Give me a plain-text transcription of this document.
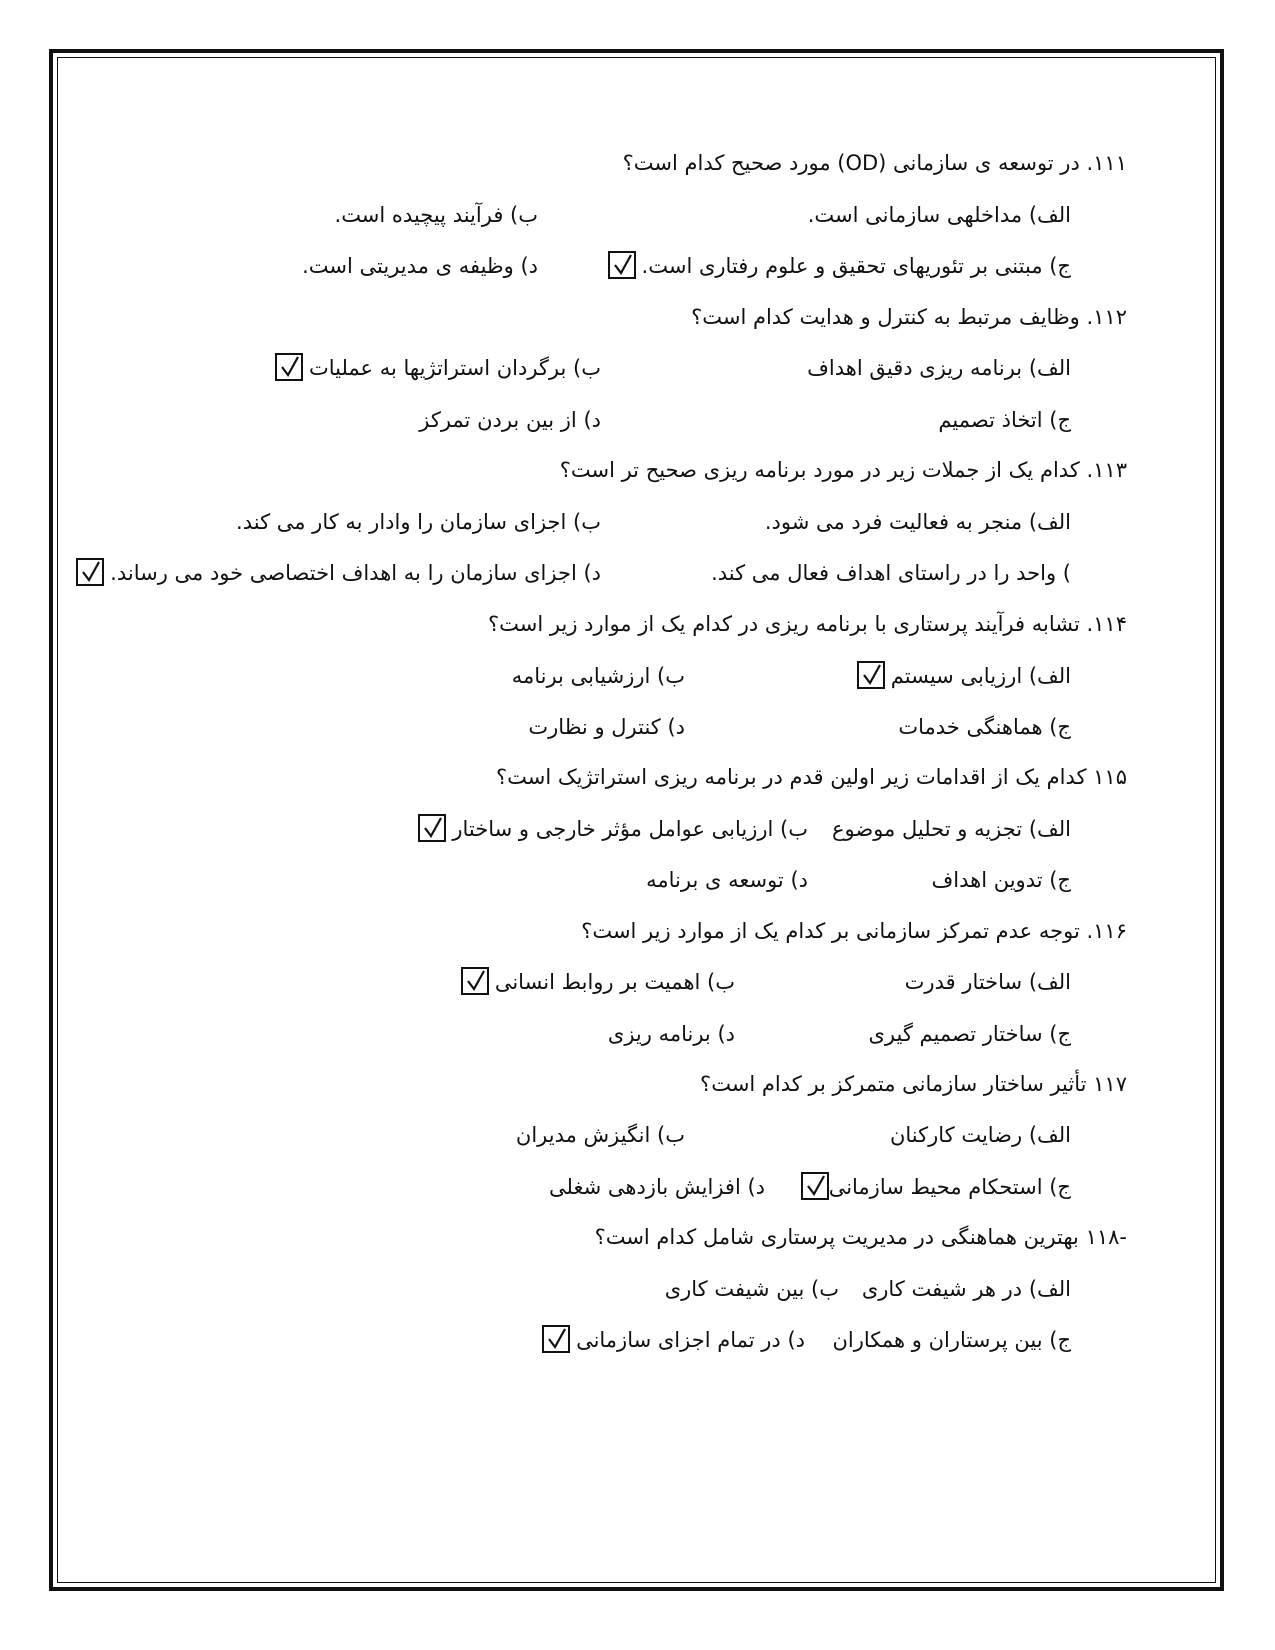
۱۱۱. در توسعه ی سازمانی (OD) مورد صحیح کدام است؟
الف) مداخلهی سازمانی است.
ب) فرآیند پیچیده است.
ج) مبتنی بر تئوریهای تحقیق و علوم رفتاری است.
د) وظیفه ی مدیریتی است.
۱۱۲. وظایف مرتبط به کنترل و هدایت کدام است؟
الف) برنامه ریزی دقیق اهداف
ب) برگردان استراتژیها به عملیات
ج) اتخاذ تصمیم
د) از بین بردن تمرکز
۱۱۳. کدام یک از جملات زیر در مورد برنامه ریزی صحیح تر است؟
الف) منجر به فعالیت فرد می شود.
ب) اجزای سازمان را وادار به کار می کند.
) واحد را در راستای اهداف فعال می کند.
د) اجزای سازمان را به اهداف اختصاصی خود می رساند.
۱۱۴. تشابه فرآیند پرستاری با برنامه ریزی در کدام یک از موارد زیر است؟
الف) ارزیابی سیستم
ب) ارزشیابی برنامه
ج) هماهنگی خدمات
د) کنترل و نظارت
۱۱۵ کدام یک از اقدامات زیر اولین قدم در برنامه ریزی استراتژیک است؟
الف) تجزیه و تحلیل موضوع
ب) ارزیابی عوامل مؤثر خارجی و ساختار
ج) تدوین اهداف
د) توسعه ی برنامه
۱۱۶. توجه عدم تمرکز سازمانی بر کدام یک از موارد زیر است؟
الف) ساختار قدرت
ب) اهمیت بر روابط انسانی
ج) ساختار تصمیم گیری
د) برنامه ریزی
۱۱۷ تأثیر ساختار سازمانی متمرکز بر کدام است؟
الف) رضایت کارکنان
ب) انگیزش مدیران
ج) استحکام محیط سازمانی
د) افزایش بازدهی شغلی
-۱۱۸ بهترین هماهنگی در مدیریت پرستاری شامل کدام است؟
الف) در هر شیفت کاری
ب) بین شیفت کاری
ج) بین پرستاران و همکاران
د) در تمام اجزای سازمانی
